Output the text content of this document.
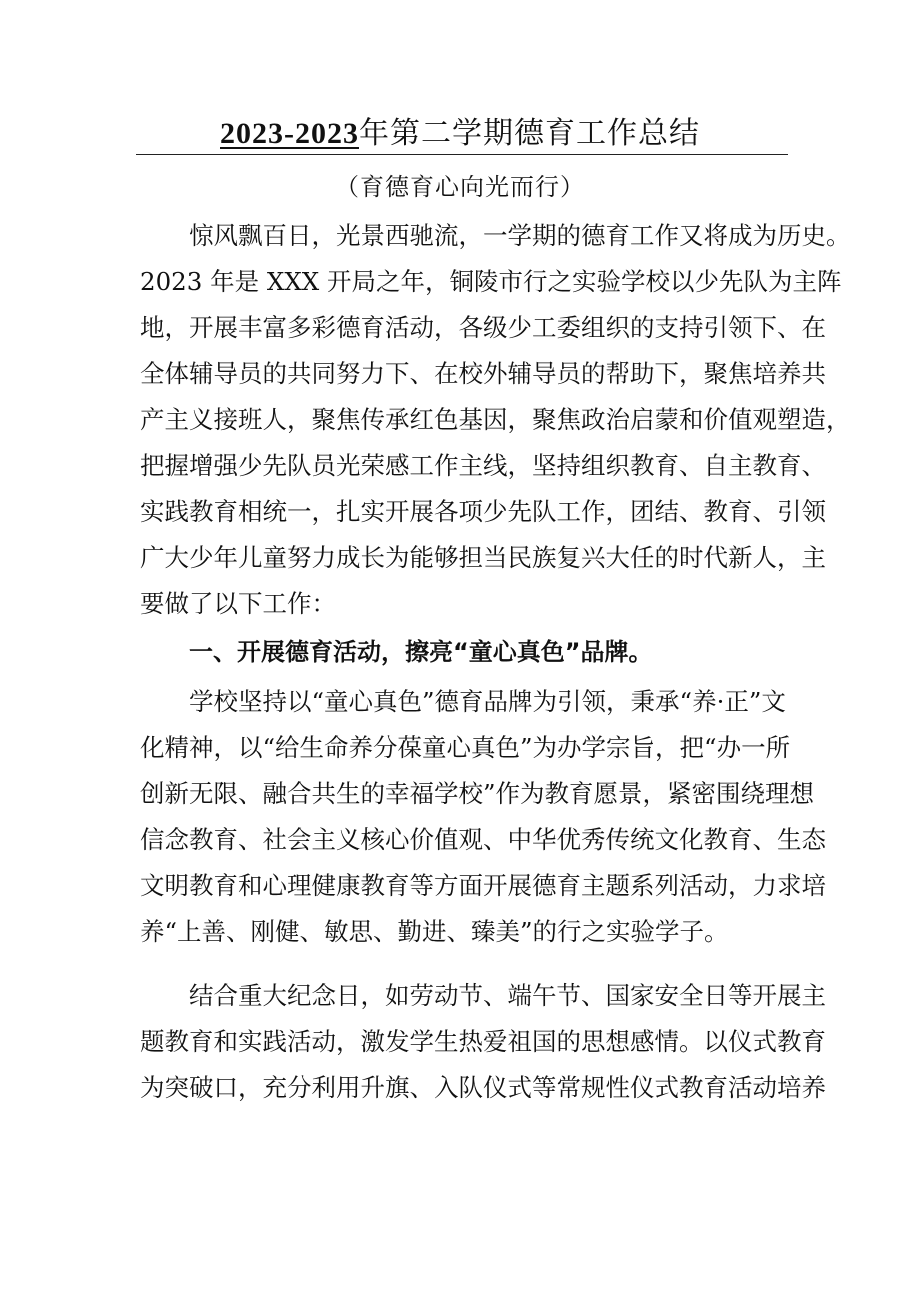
2023-2023年第二学期德育工作总结
（育德育心向光而行）
惊风飘百日，光景西驰流，一学期的德育工作又将成为历史。
2023 年是 XXX 开局之年，铜陵市行之实验学校以少先队为主阵
地，开展丰富多彩德育活动，各级少工委组织的支持引领下、在
全体辅导员的共同努力下、在校外辅导员的帮助下，聚焦培养共
产主义接班人，聚焦传承红色基因，聚焦政治启蒙和价值观塑造，
把握增强少先队员光荣感工作主线，坚持组织教育、自主教育、
实践教育相统一，扎实开展各项少先队工作，团结、教育、引领
广大少年儿童努力成长为能够担当民族复兴大任的时代新人，主
要做了以下工作：
一、开展德育活动，擦亮“童心真色”品牌。
学校坚持以“童心真色”德育品牌为引领，秉承“养·正”文
化精神，以“给生命养分葆童心真色”为办学宗旨，把“办一所
创新无限、融合共生的幸福学校”作为教育愿景，紧密围绕理想
信念教育、社会主义核心价值观、中华优秀传统文化教育、生态
文明教育和心理健康教育等方面开展德育主题系列活动，力求培
养“上善、刚健、敏思、勤进、臻美”的行之实验学子。
结合重大纪念日，如劳动节、端午节、国家安全日等开展主
题教育和实践活动，激发学生热爱祖国的思想感情。以仪式教育
为突破口，充分利用升旗、入队仪式等常规性仪式教育活动培养
